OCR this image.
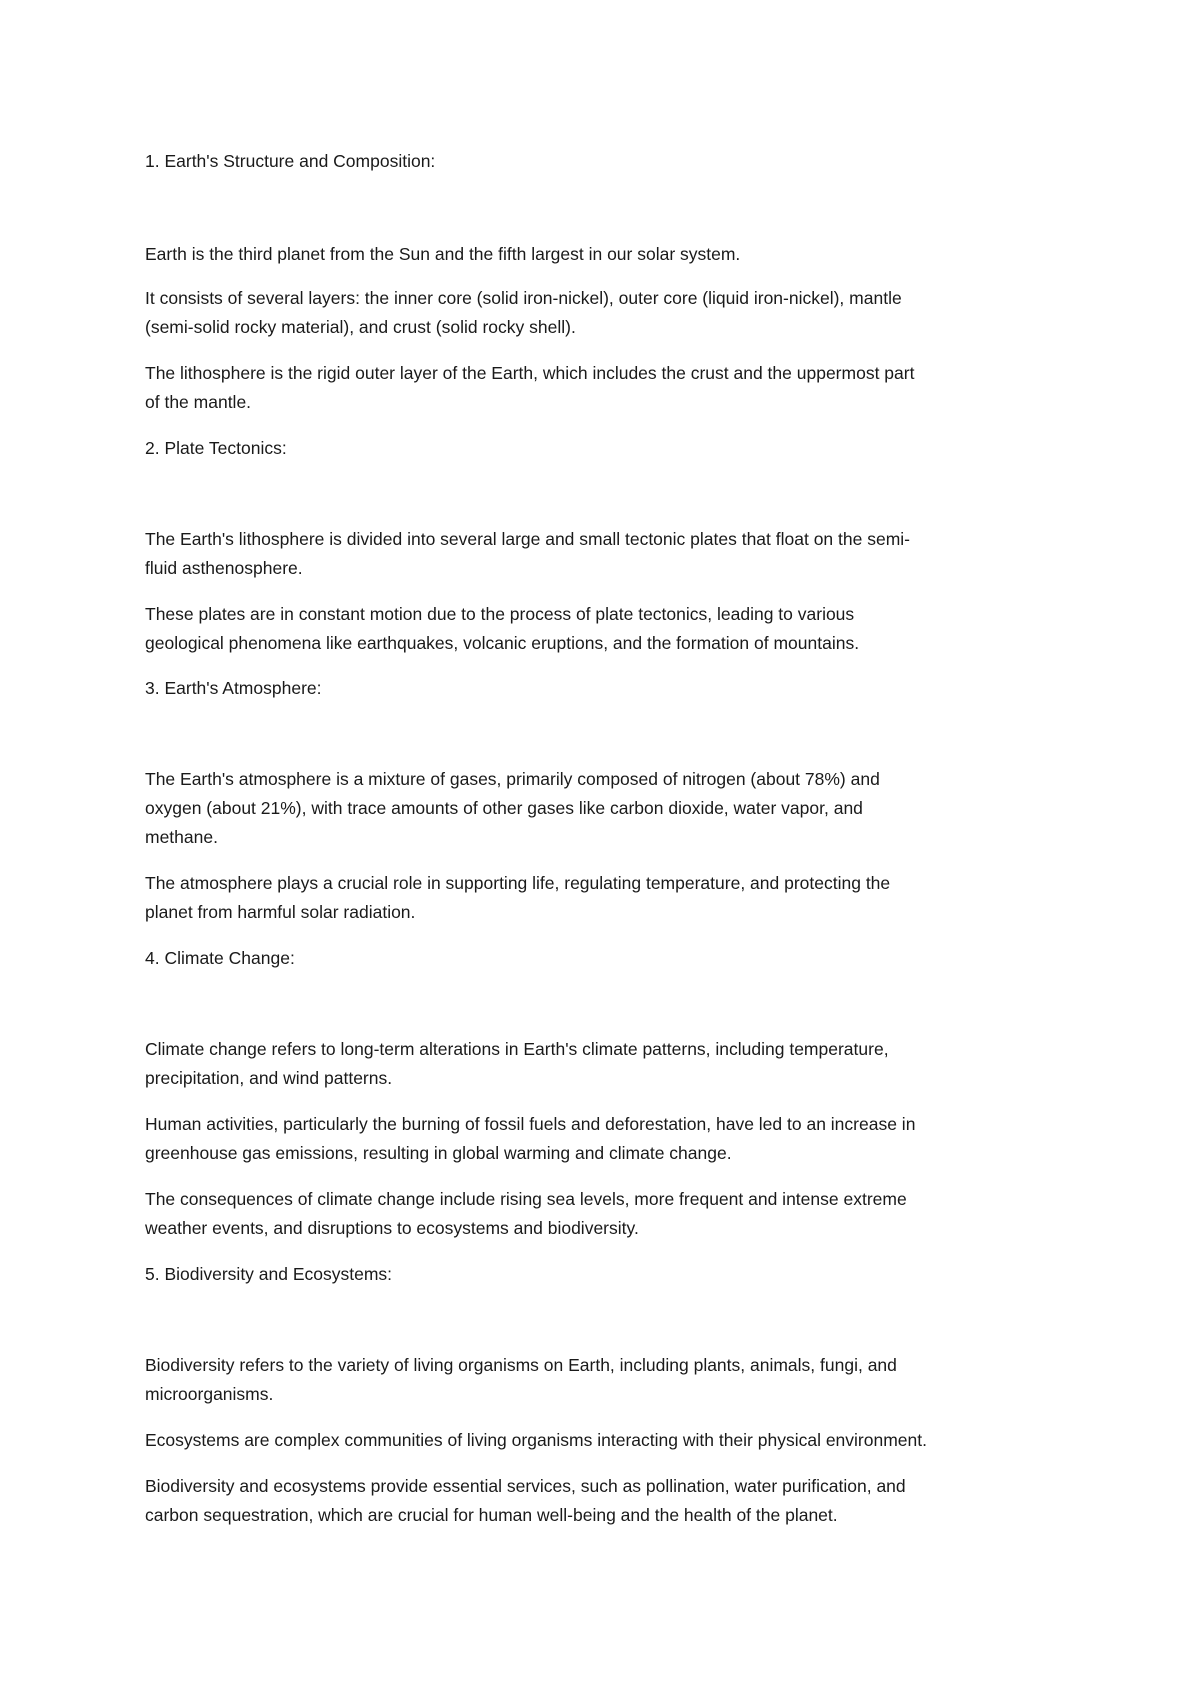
1. Earth's Structure and Composition:

Earth is the third planet from the Sun and the fifth largest in our solar system.

It consists of several layers: the inner core (solid iron-nickel), outer core (liquid iron-nickel), mantle

(semi-solid rocky material), and crust (solid rocky shell).

The lithosphere is the rigid outer layer of the Earth, which includes the crust and the uppermost part

of the mantle.

2. Plate Tectonics:

The Earth's lithosphere is divided into several large and small tectonic plates that float on the semi-

fluid asthenosphere.

These plates are in constant motion due to the process of plate tectonics, leading to various

geological phenomena like earthquakes, volcanic eruptions, and the formation of mountains.

3. Earth's Atmosphere:

The Earth's atmosphere is a mixture of gases, primarily composed of nitrogen (about 78%) and

oxygen (about 21%), with trace amounts of other gases like carbon dioxide, water vapor, and

methane.

The atmosphere plays a crucial role in supporting life, regulating temperature, and protecting the

planet from harmful solar radiation.

4. Climate Change:

Climate change refers to long-term alterations in Earth's climate patterns, including temperature,

precipitation, and wind patterns.

Human activities, particularly the burning of fossil fuels and deforestation, have led to an increase in

greenhouse gas emissions, resulting in global warming and climate change.

The consequences of climate change include rising sea levels, more frequent and intense extreme

weather events, and disruptions to ecosystems and biodiversity.

5. Biodiversity and Ecosystems:

Biodiversity refers to the variety of living organisms on Earth, including plants, animals, fungi, and

microorganisms.

Ecosystems are complex communities of living organisms interacting with their physical environment.

Biodiversity and ecosystems provide essential services, such as pollination, water purification, and

carbon sequestration, which are crucial for human well-being and the health of the planet.
